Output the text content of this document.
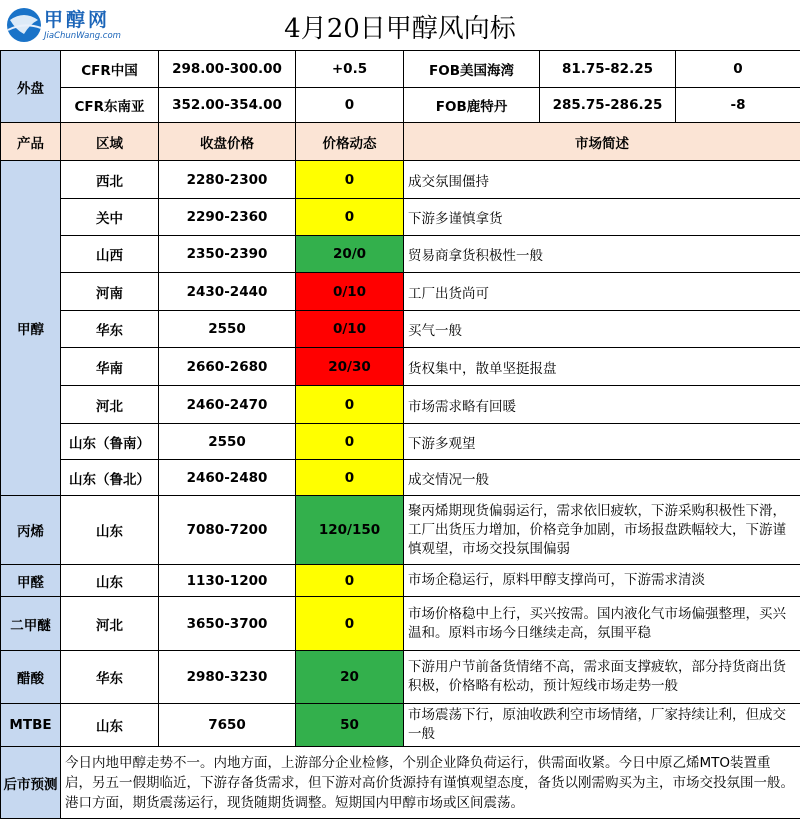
甲醇网
JiaChunWang.com	4月20日甲醇风向标
外盘	CFR中国	298.00-300.00	+0.5	FOB美国海湾	81.75-82.25	0
	CFR东南亚	352.00-354.00	0	FOB鹿特丹	285.75-286.25	-8
产品	区域	收盘价格	价格动态	市场简述		
甲醇	西北	2280-2300	0	成交氛围僵持		
	关中	2290-2360	0	下游多谨慎拿货		
	山西	2350-2390	20/0	贸易商拿货积极性一般		
	河南	2430-2440	0/10	工厂出货尚可		
	华东	2550	0/10	买气一般		
	华南	2660-2680	20/30	货权集中，散单坚挺报盘		
	河北	2460-2470	0	市场需求略有回暖		
	山东（鲁南）	2550	0	下游多观望		
	山东（鲁北）	2460-2480	0	成交情况一般		
丙烯	山东	7080-7200	120/150	聚丙烯期现货偏弱运行，需求依旧疲软，下游采购积极性下滑，工厂出货压力增加，价格竞争加剧，市场报盘跌幅较大，下游谨慎观望，市场交投氛围偏弱		
甲醛	山东	1130-1200	0	市场企稳运行，原料甲醇支撑尚可，下游需求清淡		
二甲醚	河北	3650-3700	0	市场价格稳中上行，买兴按需。国内液化气市场偏强整理，买兴温和。原料市场今日继续走高，氛围平稳		
醋酸	华东	2980-3230	20	下游用户节前备货情绪不高，需求面支撑疲软，部分持货商出货积极，价格略有松动，预计短线市场走势一般		
MTBE	山东	7650	50	市场震荡下行，原油收跌利空市场情绪，厂家持续让利，但成交一般		
后市预测	今日内地甲醇走势不一。内地方面，上游部分企业检修，个别企业降负荷运行，供需面收紧。今日中原乙烯MTO装置重启，另五一假期临近，下游存备货需求，但下游对高价货源持有谨慎观望态度，备货以刚需购买为主，市场交投氛围一般。港口方面，期货震荡运行，现货随期货调整。短期国内甲醇市场或区间震荡。					
